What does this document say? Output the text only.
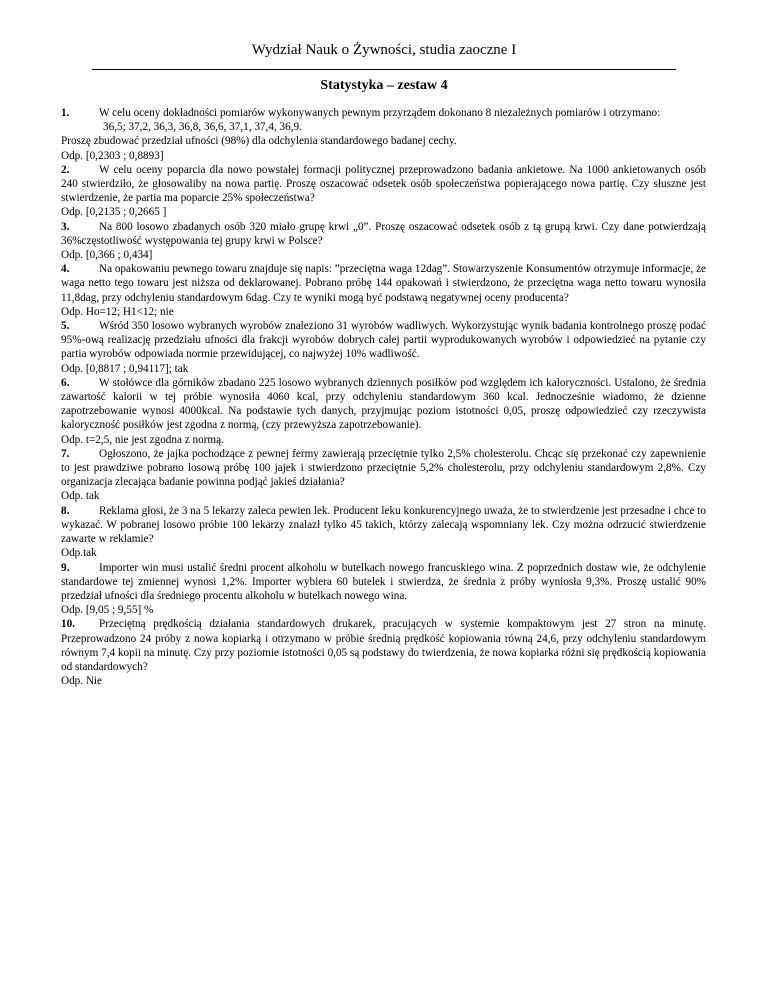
Wydział Nauk o Żywności, studia zaoczne I
Statystyka – zestaw 4

1.	W celu oceny dokładności pomiarów wykonywanych pewnym przyrządem dokonano 8 niezależnych pomiarów i otrzymano:

36,5; 37,2, 36,3, 36,8, 36,6, 37,1, 37,4, 36,9.

Proszę zbudować przedział ufności (98%) dla odchylenia standardowego badanej cechy.

Odp. [0,2303 ; 0,8893]

2.	W celu oceny poparcia dla nowo powstałej formacji politycznej przeprowadzono badania ankietowe. Na 1000 ankietowanych osób 240 stwierdziło, że głosowaliby na nowa partię. Proszę oszacować odsetek osób społeczeństwa popierającego nowa partię. Czy słuszne jest stwierdzenie, że partia ma poparcie 25% społeczeństwa?

Odp. [0,2135 ; 0,2665 ]

3.	Na 800 losowo zbadanych osób 320 miało grupę krwi „0”. Proszę oszacować odsetek osób z tą grupą krwi. Czy dane potwierdzają 36%częstotliwość występowania tej grupy krwi w Polsce?

Odp. [0,366 ; 0,434]

4.	Na opakowaniu pewnego towaru znajduje się napis: ”przeciętna waga 12dag”. Stowarzyszenie Konsumentów otrzymuje informacje, że waga netto tego towaru jest niższa od deklarowanej. Pobrano próbę 144 opakowań i stwierdzono, że przeciętna waga netto towaru wynosiła 11,8dag, przy odchyleniu standardowym 6dag. Czy te wyniki mogą być podstawą negatywnej oceny producenta?

Odp. Ho=12; H1<12; nie

5.	Wśród 350 losowo wybranych wyrobów znaleziono 31 wyrobów wadliwych. Wykorzystując wynik badania kontrolnego proszę podać 95%-ową realizację przedziału ufności dla frakcji wyrobów dobrych całej partii wyprodukowanych wyrobów i odpowiedzieć na pytanie czy partia wyrobów odpowiada normie przewidującej, co najwyżej 10% wadliwość.

Odp. [0,8817 ; 0,94117]; tak

6.	W stołówce dla górników zbadano 225 losowo wybranych dziennych posiłków pod względem ich kaloryczności. Ustalono, że średnia zawartość kalorii w tej próbie wynosiła 4060 kcal, przy odchyleniu standardowym 360 kcal. Jednocześnie wiadomo, że dzienne zapotrzebowanie wynosi 4000kcal. Na podstawie tych danych, przyjmując poziom istotności 0,05, proszę odpowiedzieć czy rzeczywista kaloryczność posiłków jest zgodna z normą, (czy przewyższa zapotrzebowanie).

Odp. t=2,5, nie jest zgodna z normą.

7.	Ogłoszono, że jajka pochodzące z pewnej fermy zawierają przeciętnie tylko 2,5% cholesterolu. Chcąc się przekonać czy zapewnienie to jest prawdziwe pobrano losową próbę 100 jajek i stwierdzono przeciętnie 5,2% cholesterolu, przy odchyleniu standardowym 2,8%. Czy organizacja zlecająca badanie powinna podjąć jakieś działania?

Odp. tak

8.	Reklama głosi, że 3 na 5 lekarzy zaleca pewien lek. Producent leku konkurencyjnego uważa, że to stwierdzenie jest przesadne i chce to wykazać. W pobranej losowo próbie 100 lekarzy znalazł tylko 45 takich, którzy zalecają wspomniany lek. Czy można odrzucić stwierdzenie zawarte w reklamie?

Odp.tak

9.	Importer win musi ustalić średni procent alkoholu w butelkach nowego francuskiego wina. Z poprzednich dostaw wie, że odchylenie standardowe tej zmiennej wynosi 1,2%. Importer wybiera 60 butelek i stwierdza, że średnia z próby wyniosła 9,3%. Proszę ustalić 90% przedział ufności dla średniego procentu alkoholu w butelkach nowego wina.

Odp. [9,05 ; 9,55] %

10. Przeciętną prędkością działania standardowych drukarek, pracujących w systemie kompaktowym jest 27 stron na minutę. Przeprowadzono 24 próby z nowa kopiarką i otrzymano w próbie średnią prędkość kopiowania równą 24,6, przy odchyleniu standardowym równym 7,4 kopii na minutę. Czy przy poziomie istotności 0,05 są podstawy do twierdzenia, że nowa kopiarka różni się prędkością kopiowania od standardowych?

Odp. Nie
